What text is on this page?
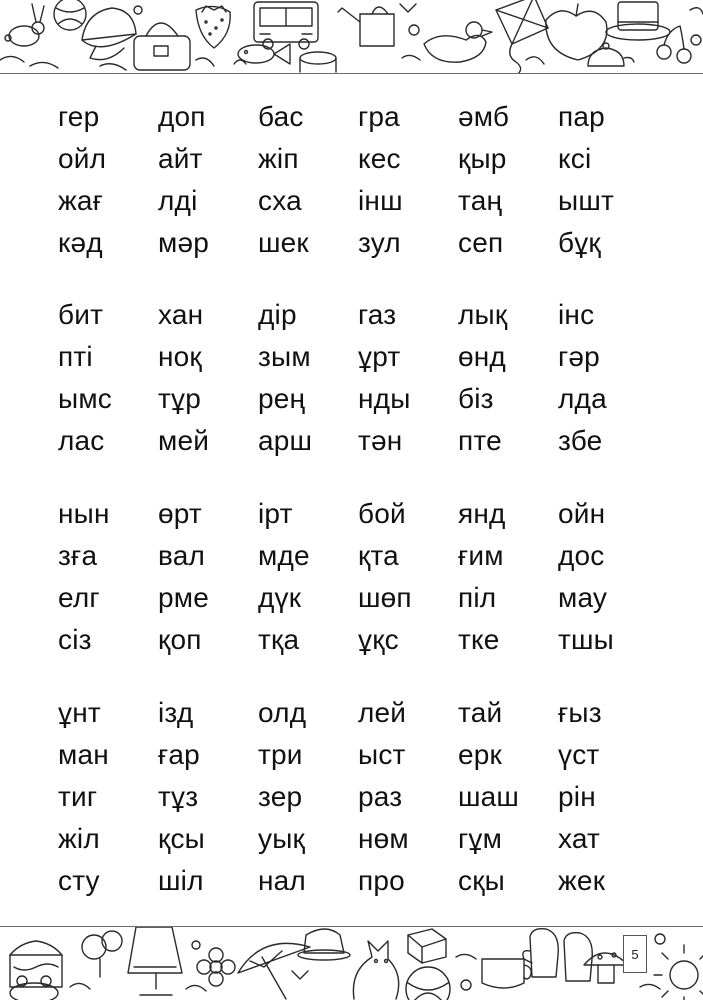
гер	доп	бас	гра	әмб	пар
ойл	айт	жіп	кес	қыр	ксі
жағ	лді	сха	інш	таң	ышт
кәд	мәр	шек	зул	сеп	бұқ
бит	хан	дір	газ	лық	інс
пті	ноқ	зым	ұрт	өнд	гәр
ымс	тұр	рең	нды	біз	лда
лас	мей	арш	тән	пте	збе
нын	өрт	ірт	бой	янд	ойн
зға	вал	мде	қта	ғим	дос
елг	рме	дүк	шөп	піл	мау
сіз	қоп	тқа	ұқс	тке	тшы
ұнт	ізд	олд	лей	тай	ғыз
ман	ғар	три	ыст	ерк	үст
тиг	тұз	зер	раз	шаш	рін
жіл	қсы	уық	нөм	гұм	хат
сту	шіл	нал	про	сқы	жек
5
